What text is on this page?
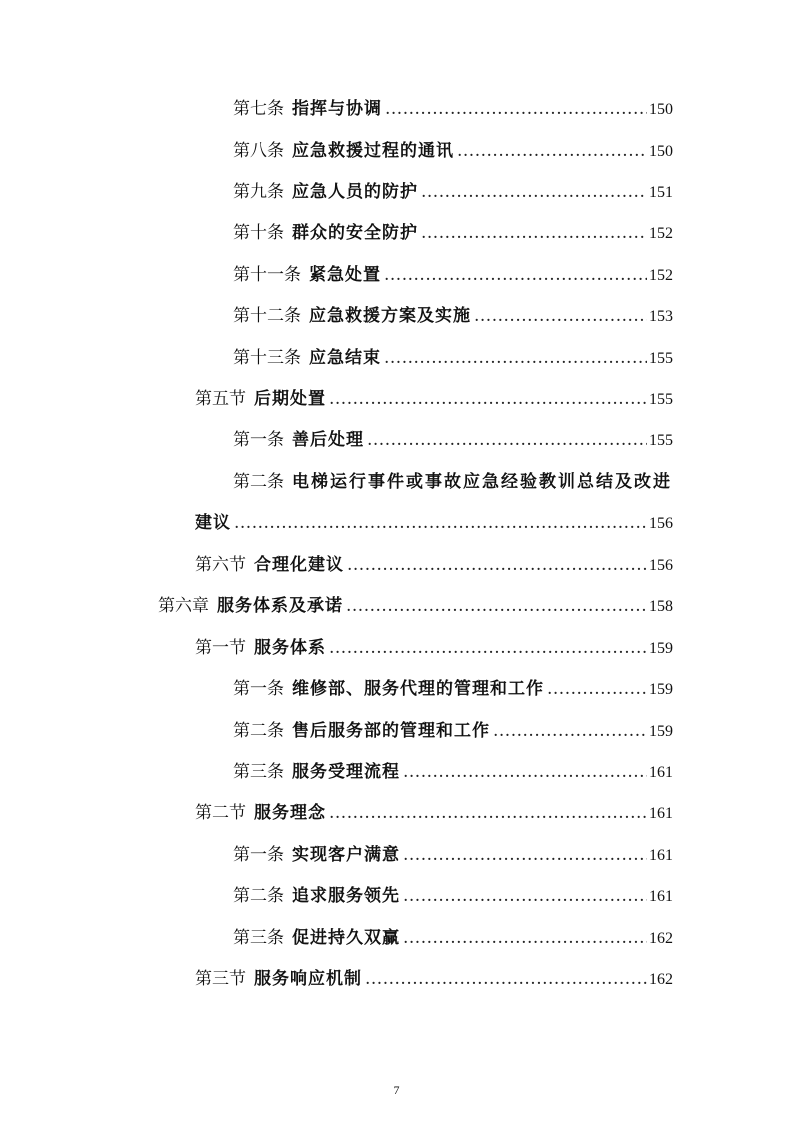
第七条 指挥与协调 .....	150
第八条 应急救援过程的通讯 .....	150
第九条 应急人员的防护 .....	151
第十条 群众的安全防护 .....	152
第十一条 紧急处置 .....	152
第十二条 应急救援方案及实施 .....	153
第十三条 应急结束 .....	155
第五节 后期处置 .....	155
第一条 善后处理 .....	155
第二条 电梯运行事件或事故应急经验教训总结及改进
建议 .....	156
第六节 合理化建议 .....	156
第六章 服务体系及承诺 .....	158
第一节 服务体系 .....	159
第一条 维修部、服务代理的管理和工作 .....	159
第二条 售后服务部的管理和工作 .....	159
第三条 服务受理流程 .....	161
第二节 服务理念 .....	161
第一条 实现客户满意 .....	161
第二条 追求服务领先 .....	161
第三条 促进持久双赢 .....	162
第三节 服务响应机制 .....	162
7
